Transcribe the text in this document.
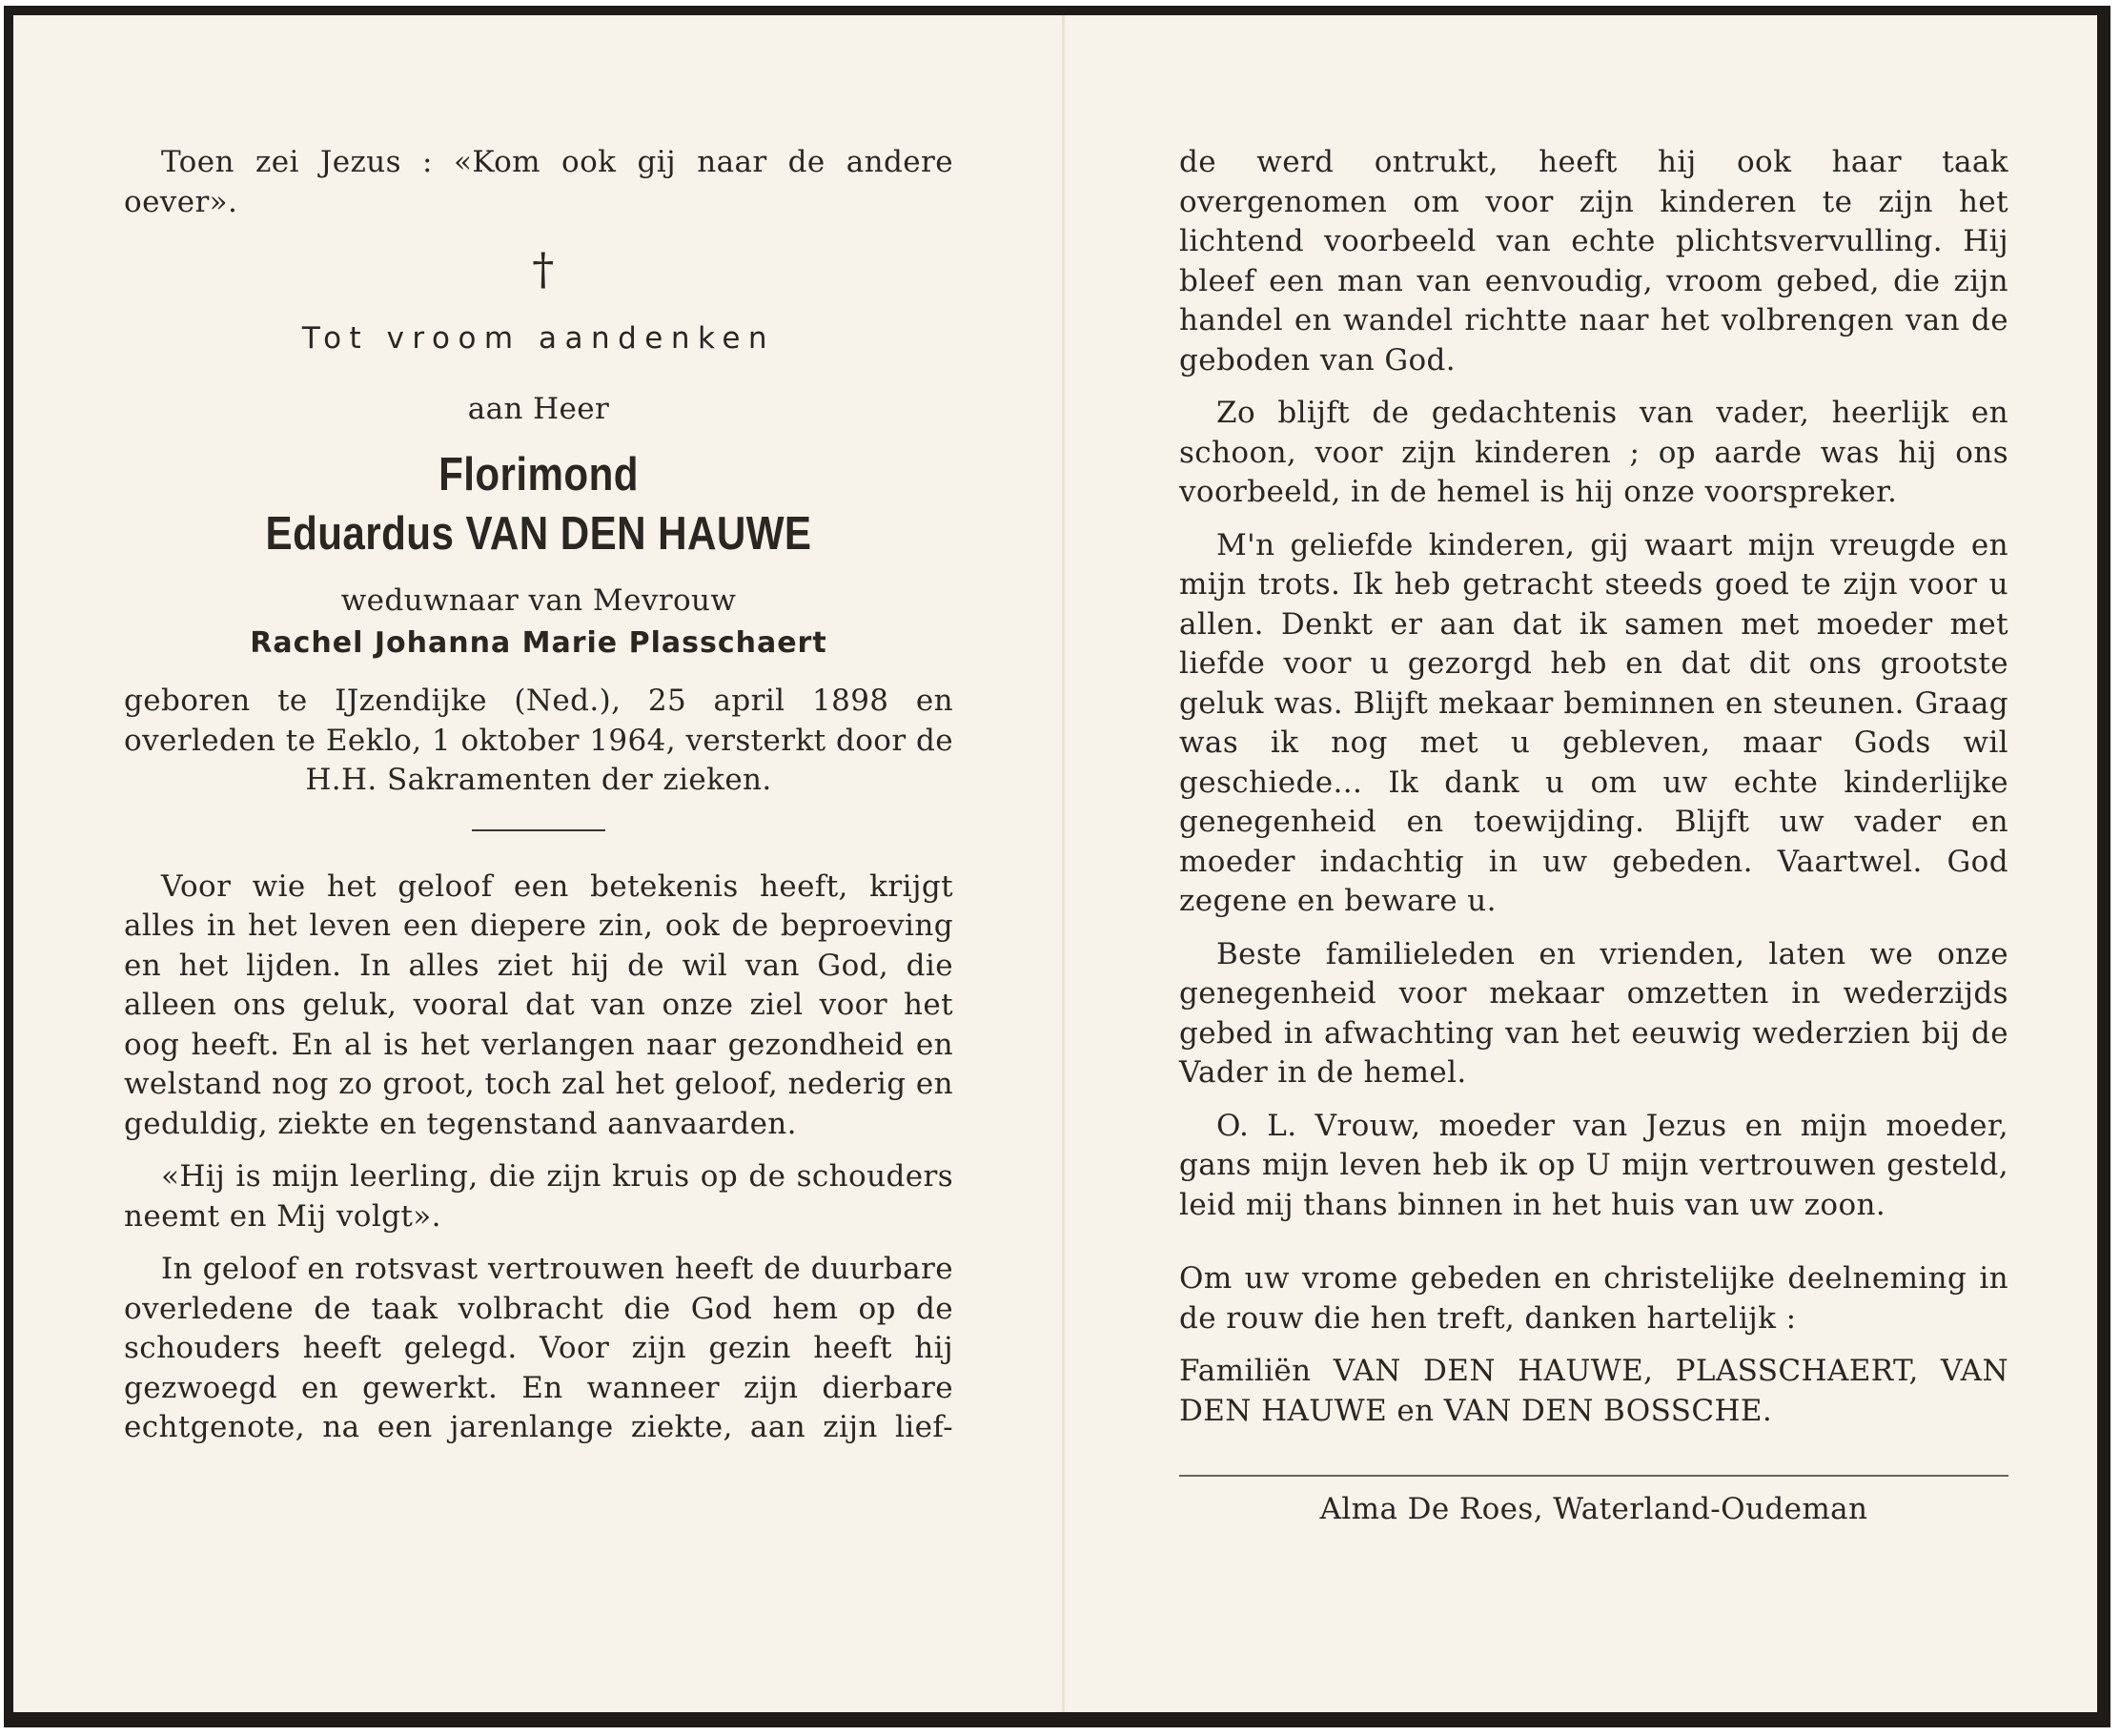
Toen zei Jezus : «Kom ook gij naar de andere oever».

†
Tot vroom aandenken
aan Heer
Florimond
Eduardus VAN DEN HAUWE
weduwnaar van Mevrouw
Rachel Johanna Marie Plasschaert

geboren te IJzendijke (Ned.), 25 april 1898 en overleden te Eeklo, 1 oktober 1964, versterkt door de

H.H. Sakramenten der zieken.

Voor wie het geloof een betekenis heeft, krijgt alles in het leven een diepere zin, ook de beproeving en het lijden. In alles ziet hij de wil van God, die alleen ons geluk, vooral dat van onze ziel voor het oog heeft. En al is het verlangen naar gezondheid en welstand nog zo groot, toch zal het geloof, nederig en geduldig, ziekte en tegenstand aanvaarden.

«Hij is mijn leerling, die zijn kruis op de schouders neemt en Mij volgt».

In geloof en rotsvast vertrouwen heeft de duurbare overledene de taak volbracht die God hem op de schouders heeft gelegd. Voor zijn gezin heeft hij gezwoegd en gewerkt. En wanneer zijn dierbare echtgenote, na een jarenlange ziekte, aan zijn lief-

de werd ontrukt, heeft hij ook haar taak overgenomen om voor zijn kinderen te zijn het lichtend voorbeeld van echte plichtsvervulling. Hij bleef een man van eenvoudig, vroom gebed, die zijn handel en wandel richtte naar het volbrengen van de geboden van God.

Zo blijft de gedachtenis van vader, heerlijk en schoon, voor zijn kinderen ; op aarde was hij ons voorbeeld, in de hemel is hij onze voorspreker.

M'n geliefde kinderen, gij waart mijn vreugde en mijn trots. Ik heb getracht steeds goed te zijn voor u allen. Denkt er aan dat ik samen met moeder met liefde voor u gezorgd heb en dat dit ons grootste geluk was. Blijft mekaar beminnen en steunen. Graag was ik nog met u gebleven, maar Gods wil geschiede... Ik dank u om uw echte kinderlijke genegenheid en toewijding. Blijft uw vader en moeder indachtig in uw gebeden. Vaartwel. God zegene en beware u.

Beste familieleden en vrienden, laten we onze genegenheid voor mekaar omzetten in wederzijds gebed in afwachting van het eeuwig wederzien bij de Vader in de hemel.

O. L. Vrouw, moeder van Jezus en mijn moeder, gans mijn leven heb ik op U mijn vertrouwen gesteld, leid mij thans binnen in het huis van uw zoon.

Om uw vrome gebeden en christelijke deelneming in de rouw die hen treft, danken hartelijk :

Familiën VAN DEN HAUWE, PLASSCHAERT, VAN DEN HAUWE en VAN DEN BOSSCHE.

Alma De Roes, Waterland-Oudeman
